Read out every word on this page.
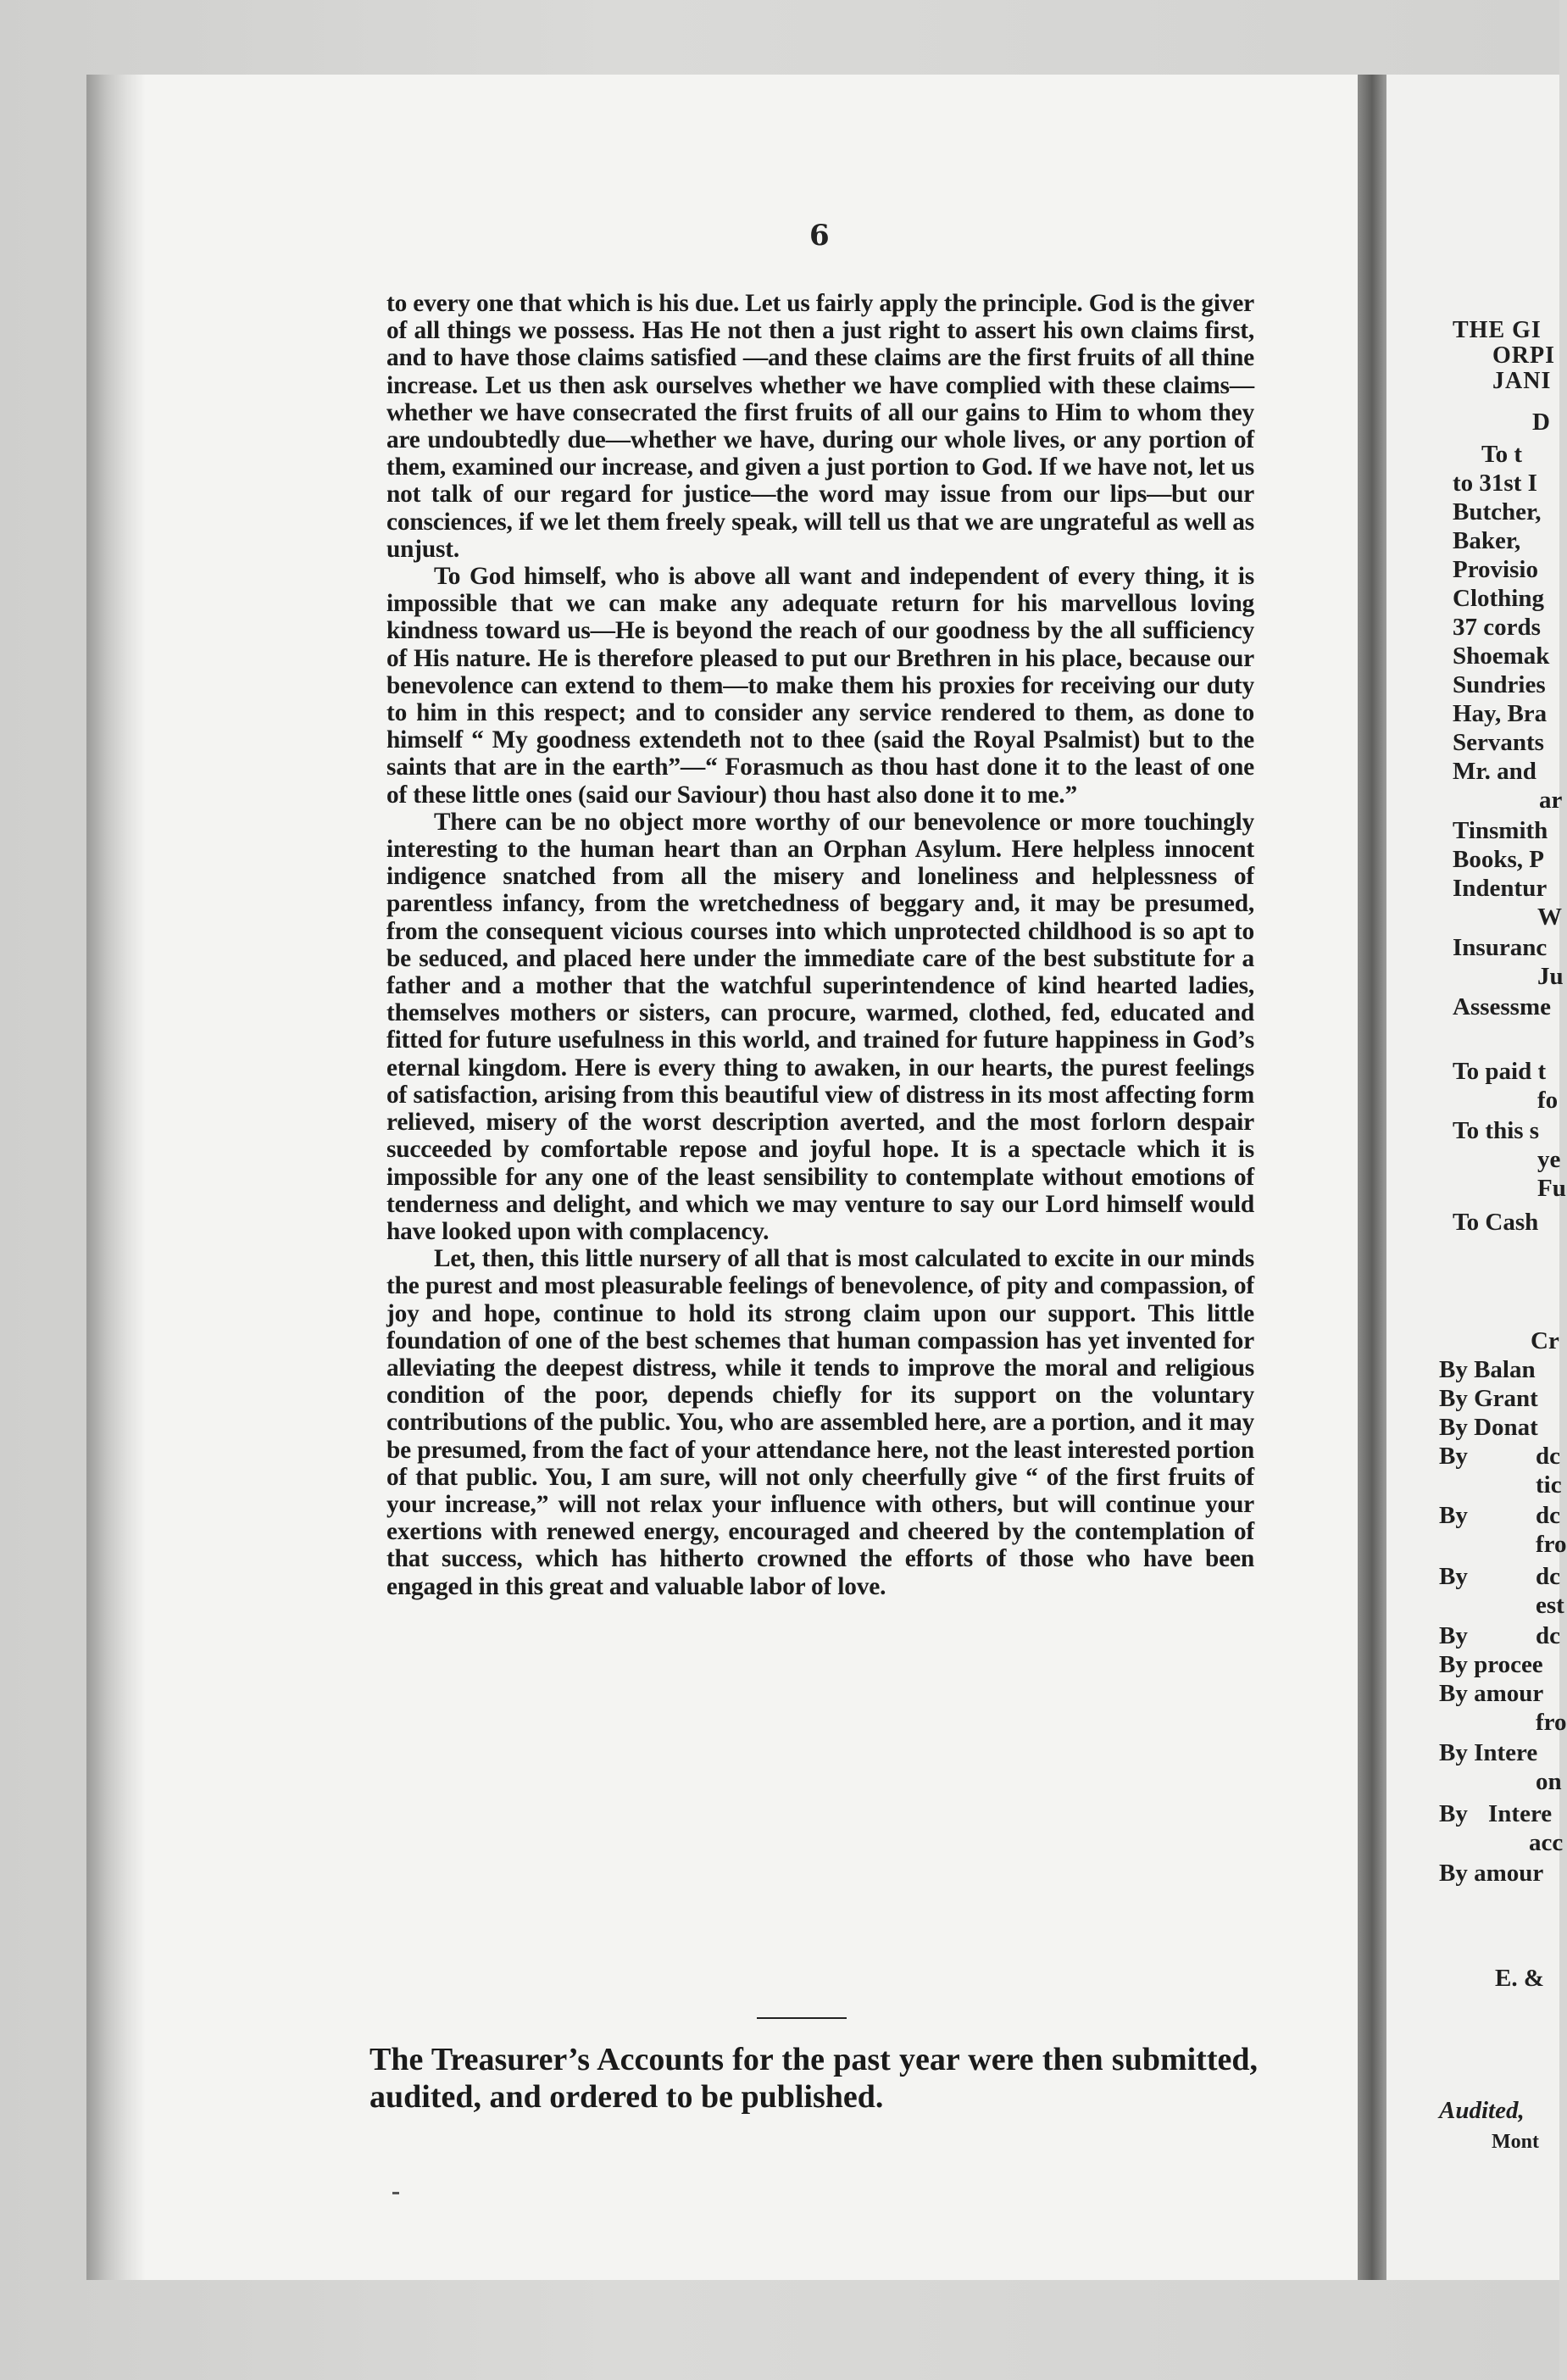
6

to every one that which is his due. Let us fairly apply the principle. God is the giver of all things we possess. Has He not then a just right to assert his own claims first, and to have those claims satisfied —and these claims are the first fruits of all thine increase. Let us then ask ourselves whether we have complied with these claims— whether we have consecrated the first fruits of all our gains to Him to whom they are undoubtedly due—whether we have, during our whole lives, or any portion of them, examined our increase, and given a just portion to God. If we have not, let us not talk of our regard for justice—the word may issue from our lips—but our consciences, if we let them freely speak, will tell us that we are ungrateful as well as unjust.

To God himself, who is above all want and independent of every thing, it is impossible that we can make any adequate return for his marvellous loving kindness toward us—He is beyond the reach of our goodness by the all sufficiency of His nature. He is therefore pleased to put our Brethren in his place, because our benevolence can extend to them—to make them his proxies for receiving our duty to him in this respect; and to consider any service rendered to them, as done to himself “ My goodness extendeth not to thee (said the Royal Psalmist) but to the saints that are in the earth”—“ Forasmuch as thou hast done it to the least of one of these little ones (said our Saviour) thou hast also done it to me.”

There can be no object more worthy of our benevolence or more touchingly interesting to the human heart than an Orphan Asylum. Here helpless innocent indigence snatched from all the misery and loneliness and helplessness of parentless infancy, from the wretchedness of beggary and, it may be presumed, from the consequent vicious courses into which unprotected childhood is so apt to be seduced, and placed here under the immediate care of the best substitute for a father and a mother that the watchful superintendence of kind hearted ladies, themselves mothers or sisters, can procure, warmed, clothed, fed, educated and fitted for future usefulness in this world, and trained for future happiness in God’s eternal kingdom. Here is every thing to awaken, in our hearts, the purest feelings of satisfaction, arising from this beautiful view of distress in its most affecting form relieved, misery of the worst description averted, and the most forlorn despair succeeded by comfortable repose and joyful hope. It is a spectacle which it is impossible for any one of the least sensibility to contemplate without emotions of tenderness and delight, and which we may venture to say our Lord himself would have looked upon with complacency.

Let, then, this little nursery of all that is most calculated to excite in our minds the purest and most pleasurable feelings of benevolence, of pity and compassion, of joy and hope, continue to hold its strong claim upon our support. This little foundation of one of the best schemes that human compassion has yet invented for alleviating the deepest distress, while it tends to improve the moral and religious condition of the poor, depends chiefly for its support on the voluntary contributions of the public. You, who are assembled here, are a portion, and it may be presumed, from the fact of your attendance here, not the least interested portion of that public. You, I am sure, will not only cheerfully give “ of the first fruits of your increase,” will not relax your influence with others, but will continue your exertions with renewed energy, encouraged and cheered by the contemplation of that success, which has hitherto crowned the efforts of those who have been engaged in this great and valuable labor of love.

The Treasurer’s Accounts for the past year were then submitted, audited, and ordered to be published.
THE GI
ORPI
JANI
D
To t
to 31st I
Butcher,
Baker,
Provisio
Clothing
37 cords
Shoemak
Sundries
Hay, Bra
Servants
Mr. and
ar
Tinsmith
Books, P
Indentur
W
Insuranc
Ju
Assessme
To paid t
fo
To this s
ye
Fu
To Cash
Cr
By Balan
By Grant
By Donat
By	dc
tic
By	dc
fro
By	dc
est
By	dc
By procee
By amour
fro
By Intere
on
By Intere
acc
By amour
E. &
Audited,
Mont
